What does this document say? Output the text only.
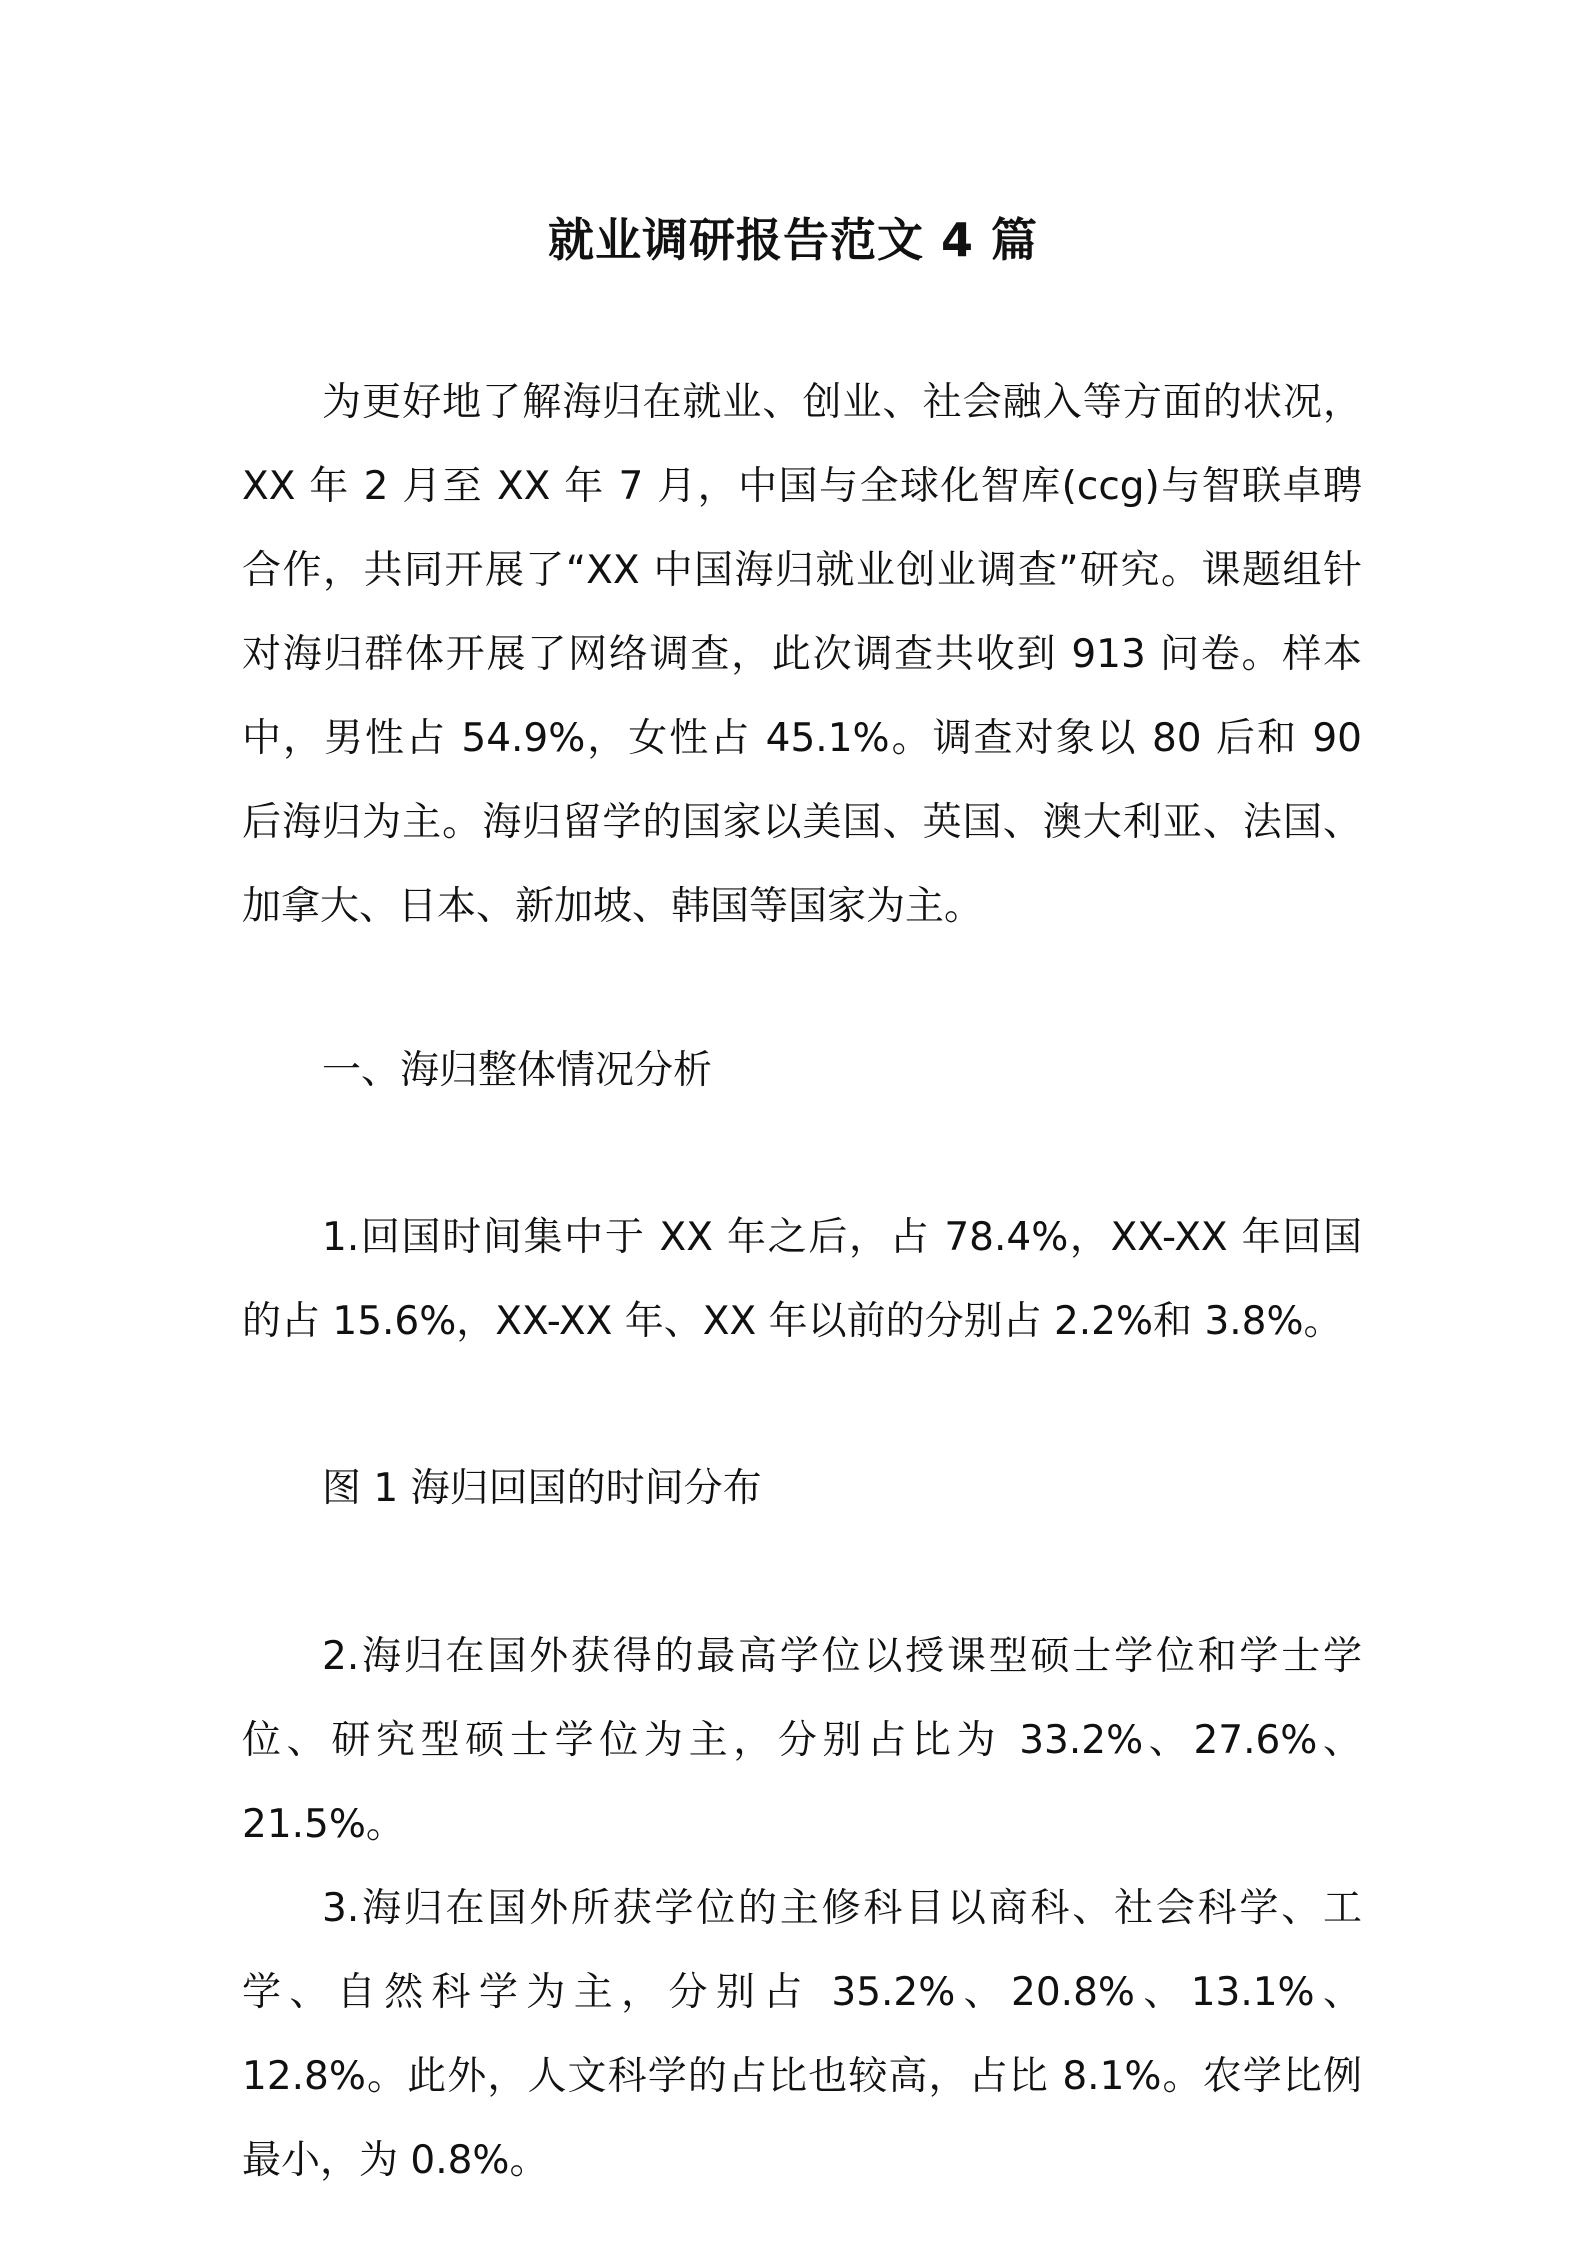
就业调研报告范文 4 篇

为更好地了解海归在就业、创业、社会融入等方面的状况，XX 年 2 月至 XX 年 7 月，中国与全球化智库(ccg)与智联卓聘合作，共同开展了“XX 中国海归就业创业调查”研究。课题组针对海归群体开展了网络调查，此次调查共收到 913 问卷。样本中，男性占 54.9%，女性占 45.1%。调查对象以 80 后和 90 后海归为主。海归留学的国家以美国、英国、澳大利亚、法国、加拿大、日本、新加坡、韩国等国家为主。

一、海归整体情况分析

1.回国时间集中于 XX 年之后，占 78.4%，XX-XX 年回国的占 15.6%，XX-XX 年、XX 年以前的分别占 2.2%和 3.8%。

图 1 海归回国的时间分布

2.海归在国外获得的最高学位以授课型硕士学位和学士学位、研究型硕士学位为主，分别占比为 33.2%、27.6%、21.5%。

3.海归在国外所获学位的主修科目以商科、社会科学、工学、自然科学为主，分别占 35.2%、20.8%、13.1%、12.8%。此外，人文科学的占比也较高，占比 8.1%。农学比例最小，为 0.8%。
